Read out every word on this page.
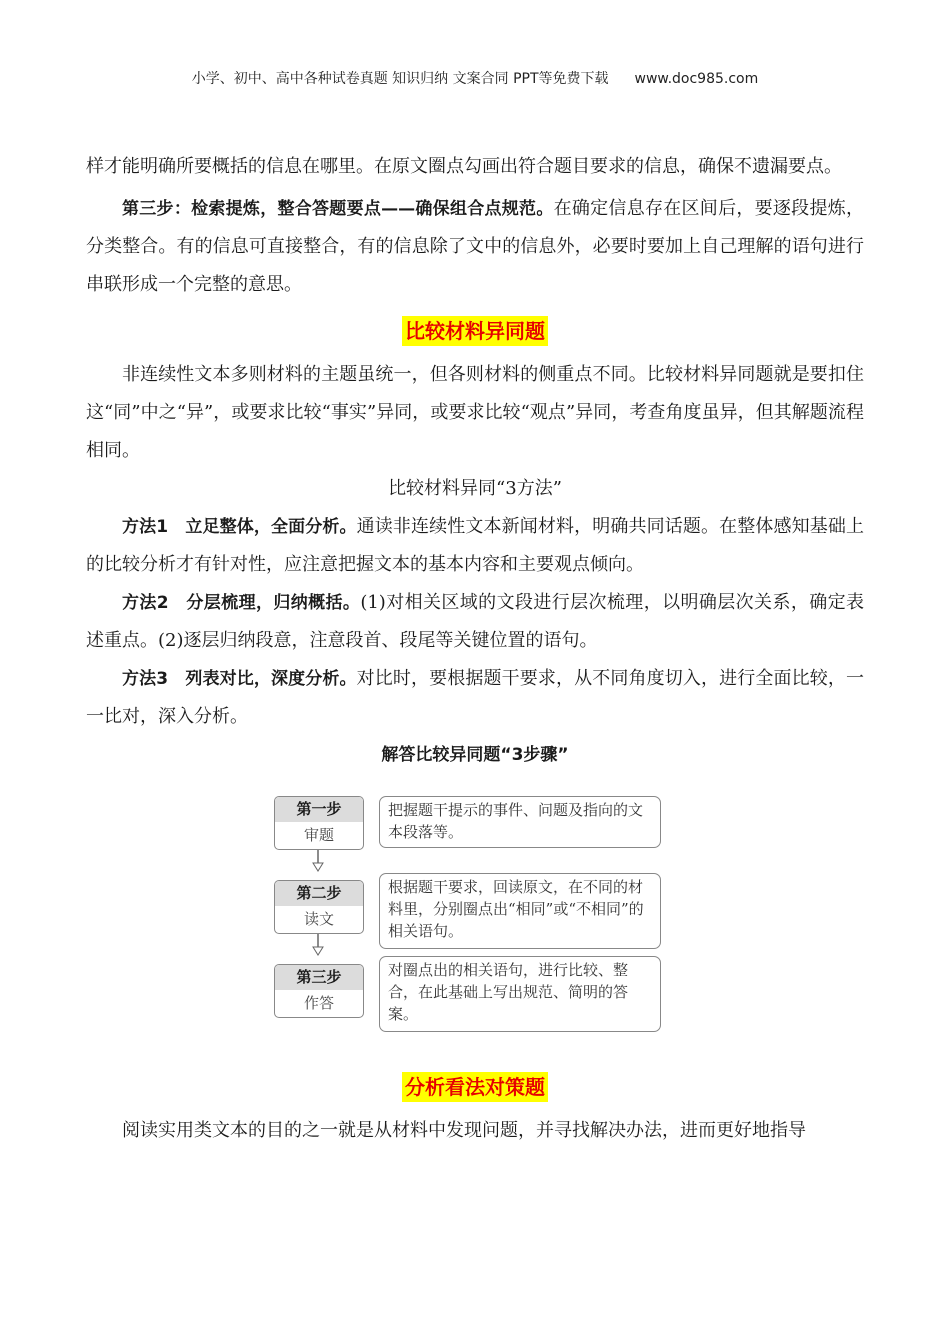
小学、初中、高中各种试卷真题 知识归纳 文案合同 PPT等免费下载 www.doc985.com

样才能明确所要概括的信息在哪里。在原文圈点勾画出符合题目要求的信息，确保不遗漏要点。

第三步：检索提炼，整合答题要点——确保组合点规范。在确定信息存在区间后，要逐段提炼，分类整合。有的信息可直接整合，有的信息除了文中的信息外，必要时要加上自己理解的语句进行串联形成一个完整的意思。

比较材料异同题

非连续性文本多则材料的主题虽统一，但各则材料的侧重点不同。比较材料异同题就是要扣住这“同”中之“异”，或要求比较“事实”异同，或要求比较“观点”异同，考查角度虽异，但其解题流程相同。

比较材料异同“3方法”

方法1　立足整体，全面分析。通读非连续性文本新闻材料，明确共同话题。在整体感知基础上的比较分析才有针对性，应注意把握文本的基本内容和主要观点倾向。

方法2　分层梳理，归纳概括。(1)对相关区域的文段进行层次梳理，以明确层次关系，确定表述重点。(2)逐层归纳段意，注意段首、段尾等关键位置的语句。

方法3　列表对比，深度分析。对比时，要根据题干要求，从不同角度切入，进行全面比较，一一比对，深入分析。

解答比较异同题“3步骤”
第一步
审题
把握题干提示的事件、问题及指向的文本段落等。
第二步
读文
根据题干要求，回读原文，在不同的材料里，分别圈点出“相同”或“不相同”的相关语句。
第三步
作答
对圈点出的相关语句，进行比较、整合，在此基础上写出规范、简明的答案。
分析看法对策题

阅读实用类文本的目的之一就是从材料中发现问题，并寻找解决办法，进而更好地指导
